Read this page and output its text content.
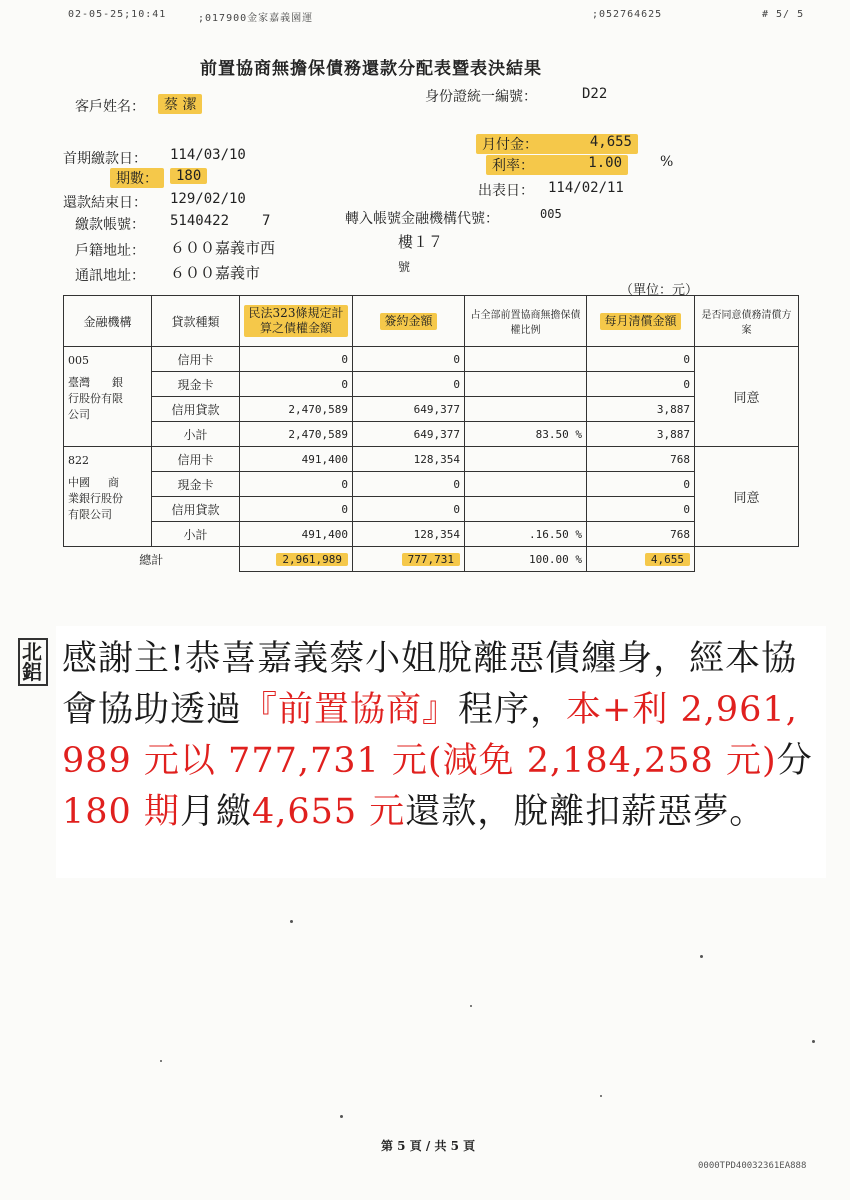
02-05-25;10:41	;017900金家嘉義園運	;052764625	# 5/ 5
前置協商無擔保債務還款分配表暨表決結果
客戶姓名：	蔡 潔	身份證統一編號：	D22
月付金：	4,655
首期繳款日： 114/03/10
利率：	1.00	%
期數：	180
出表日： 114/02/11
還款結束日： 129/02/10
繳款帳號： 5140422 7	轉入帳號金融機構代號：	005
戶籍地址： ６００嘉義市西	樓１７
通訊地址： ６００嘉義市	號
（單位：元）
金融機構	貸款種類	民法323條規定計算之債權金額	簽約金額	占全部前置協商無擔保債權比例	每月清償金額	是否同意債務清償方案

005
臺灣 銀
行股份有限
公司	信用卡	0	0		0	同意
	現金卡	0	0		0	
	信用貸款	2,470,589	649,377		3,887	
	小計	2,470,589	649,377	83.50 %	3,887	

822
中國 商
業銀行股份
有限公司	信用卡	491,400	128,354		768	同意
	現金卡	0	0		0	
	信用貸款	0	0		0	
	小計	491,400	128,354	.16.50 %	768	
總計		2,961,989	777,731	100.00 %	4,655	
北鋁 感謝主!恭喜嘉義蔡小姐脫離惡債纏身，經本協會協助透過『前置協商』程序，本+利 2,961,989 元以 777,731 元(減免 2,184,258 元)分180 期月繳4,655 元還款，脫離扣薪惡夢。
第 5 頁 / 共 5 頁
0000TPD40032361EA888
